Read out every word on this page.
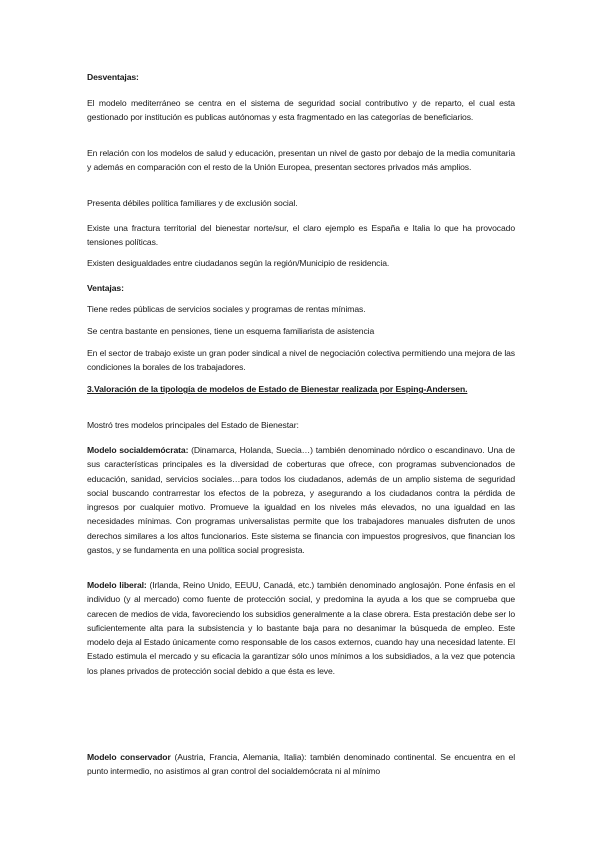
Desventajas:

El modelo mediterráneo se centra en el sistema de seguridad social contributivo y de reparto, el cual esta gestionado por institución es publicas autónomas y esta fragmentado en las categorías de beneficiarios.

En relación con los modelos de salud y educación, presentan un nivel de gasto por debajo de la media comunitaria y además en comparación con el resto de la Unión Europea, presentan sectores privados más amplios.

Presenta débiles política familiares y de exclusión social.

Existe una fractura territorial del bienestar norte/sur, el claro ejemplo es España e Italia lo que ha provocado tensiones políticas.

Existen desigualdades entre ciudadanos según la región/Municipio de residencia.

Ventajas:

Tiene redes públicas de servicios sociales y programas de rentas mínimas.

Se centra bastante en pensiones, tiene un esquema familiarista de asistencia

En el sector de trabajo existe un gran poder sindical a nivel de negociación colectiva permitiendo una mejora de las condiciones la borales de los trabajadores.

3.Valoración de la tipología de modelos de Estado de Bienestar realizada por Esping-Andersen.

Mostró tres modelos principales del Estado de Bienestar:

Modelo socialdemócrata: (Dinamarca, Holanda, Suecia…) también denominado nórdico o escandinavo. Una de sus características principales es la diversidad de coberturas que ofrece, con programas subvencionados de educación, sanidad, servicios sociales…para todos los ciudadanos, además de un amplio sistema de seguridad social buscando contrarrestar los efectos de la pobreza, y asegurando a los ciudadanos contra la pérdida de ingresos por cualquier motivo. Promueve la igualdad en los niveles más elevados, no una igualdad en las necesidades mínimas. Con programas universalistas permite que los trabajadores manuales disfruten de unos derechos similares a los altos funcionarios. Este sistema se financia con impuestos progresivos, que financian los gastos, y se fundamenta en una política social progresista.

Modelo liberal: (Irlanda, Reino Unido, EEUU, Canadá, etc.) también denominado anglosajón. Pone énfasis en el individuo (y al mercado) como fuente de protección social, y predomina la ayuda a los que se comprueba que carecen de medios de vida, favoreciendo los subsidios generalmente a la clase obrera. Esta prestación debe ser lo suficientemente alta para la subsistencia y lo bastante baja para no desanimar la búsqueda de empleo. Este modelo deja al Estado únicamente como responsable de los casos externos, cuando hay una necesidad latente. El Estado estimula el mercado y su eficacia la garantizar sólo unos mínimos a los subsidiados, a la vez que potencia los planes privados de protección social debido a que ésta es leve.

Modelo conservador (Austria, Francia, Alemania, Italia): también denominado continental. Se encuentra en el punto intermedio, no asistimos al gran control del socialdemócrata ni al mínimo
